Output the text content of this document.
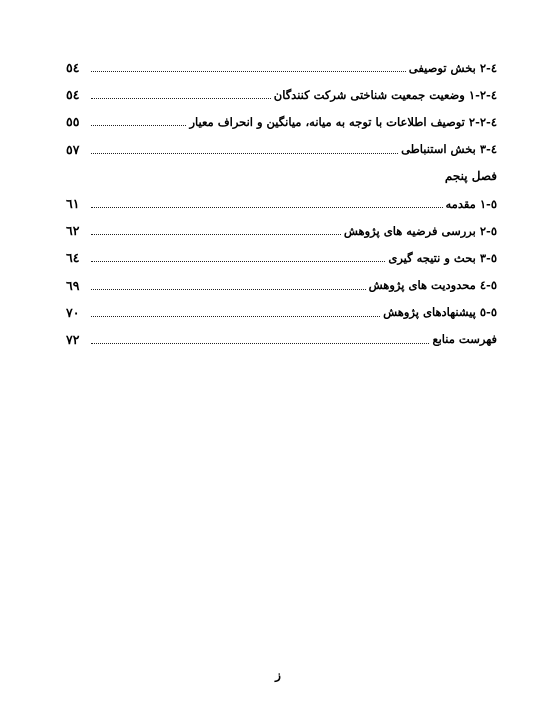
٥٤	٤-٢ بخش توصیفی
٥٤	٤-٢-١ وضعیت جمعیت شناختی شرکت کنندگان
٥٥	٤-٢-٢ توصیف اطلاعات با توجه به میانه، میانگین و انحراف معیار
٥٧	٤-٣ بخش استنباطی
فصل پنجم
٦١	٥-١ مقدمه
٦٢	٥-٢ بررسی فرضیه های پژوهش
٦٤	٥-٣ بحث و نتیجه گیری
٦٩	٥-٤ محدودیت های پژوهش
٧٠	٥-٥ پیشنهادهای پژوهش
٧٢	فهرست منابع
ز
